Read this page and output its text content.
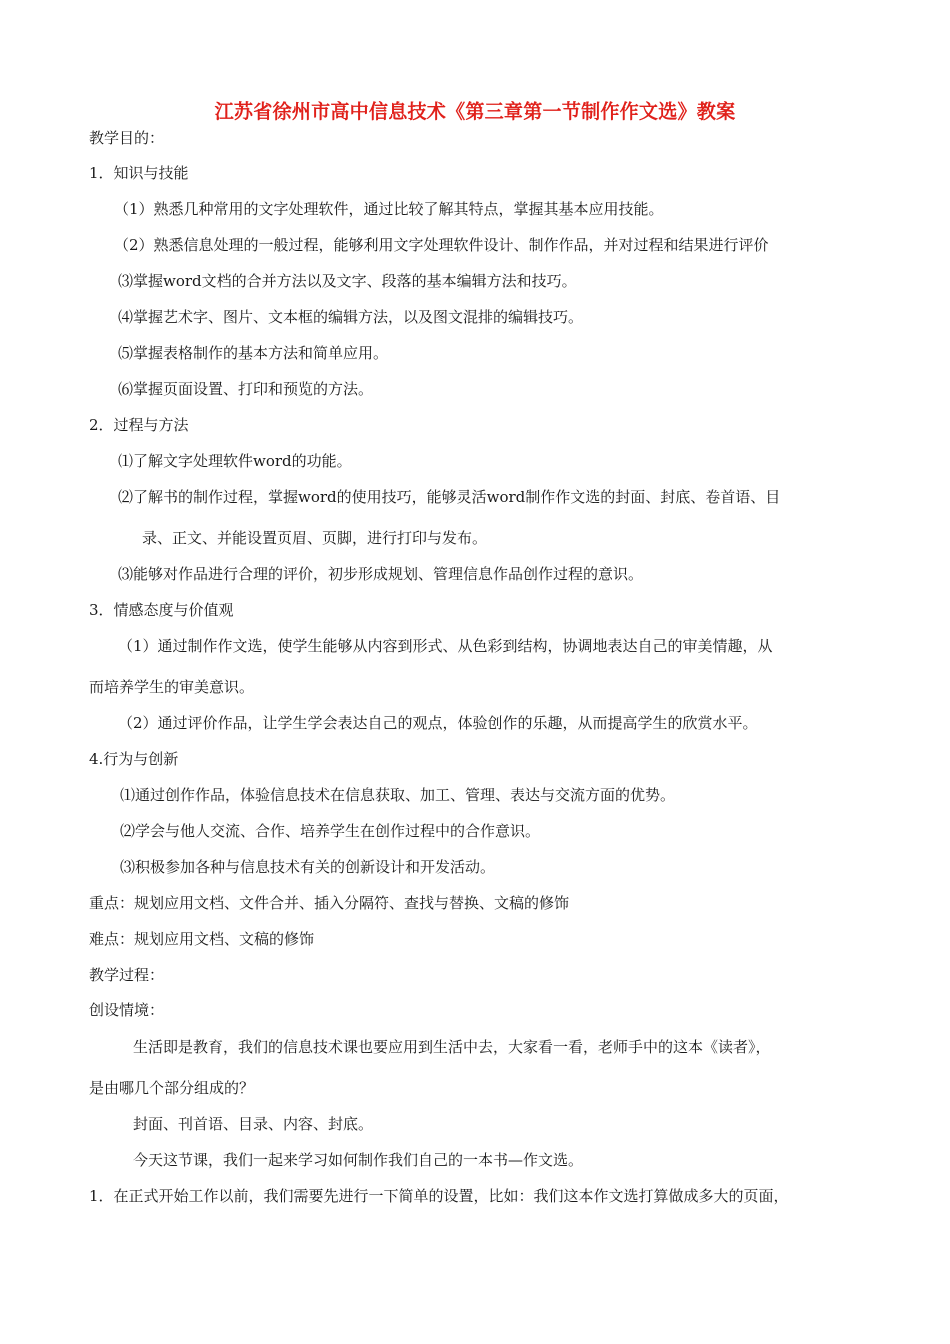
江苏省徐州市高中信息技术《第三章第一节制作作文选》教案
教学目的：
1．知识与技能
（1）熟悉几种常用的文字处理软件，通过比较了解其特点，掌握其基本应用技能。
（2）熟悉信息处理的一般过程，能够利用文字处理软件设计、制作作品，并对过程和结果进行评价
⑶掌握word文档的合并方法以及文字、段落的基本编辑方法和技巧。
⑷掌握艺术字、图片、文本框的编辑方法，以及图文混排的编辑技巧。
⑸掌握表格制作的基本方法和简单应用。
⑹掌握页面设置、打印和预览的方法。
2．过程与方法
⑴了解文字处理软件word的功能。
⑵了解书的制作过程，掌握word的使用技巧，能够灵活word制作作文选的封面、封底、卷首语、目
录、正文、并能设置页眉、页脚，进行打印与发布。
⑶能够对作品进行合理的评价，初步形成规划、管理信息作品创作过程的意识。
3．情感态度与价值观
（1）通过制作作文选，使学生能够从内容到形式、从色彩到结构，协调地表达自己的审美情趣，从
而培养学生的审美意识。
（2）通过评价作品，让学生学会表达自己的观点，体验创作的乐趣，从而提高学生的欣赏水平。
4.行为与创新
⑴通过创作作品，体验信息技术在信息获取、加工、管理、表达与交流方面的优势。
⑵学会与他人交流、合作、培养学生在创作过程中的合作意识。
⑶积极参加各种与信息技术有关的创新设计和开发活动。
重点：规划应用文档、文件合并、插入分隔符、查找与替换、文稿的修饰
难点：规划应用文档、文稿的修饰
教学过程：
创设情境：
生活即是教育，我们的信息技术课也要应用到生活中去，大家看一看，老师手中的这本《读者》，
是由哪几个部分组成的？
封面、刊首语、目录、内容、封底。
今天这节课，我们一起来学习如何制作我们自己的一本书—作文选。
1．在正式开始工作以前，我们需要先进行一下简单的设置，比如：我们这本作文选打算做成多大的页面，
